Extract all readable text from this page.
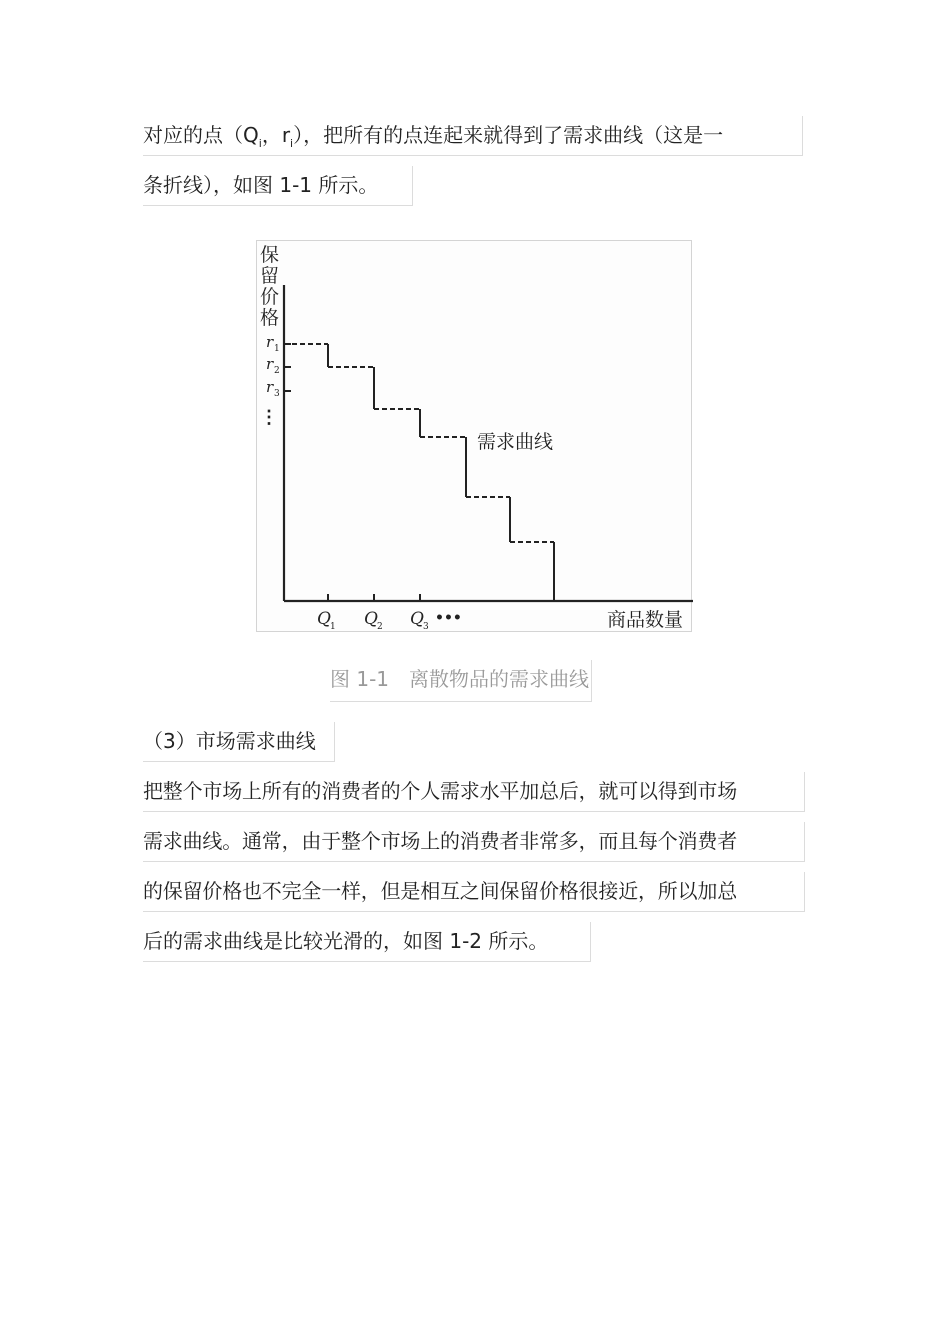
对应的点（$Q_i$，$r_i$），把所有的点连起来就得到了需求曲线（这是一
条折线），如图 1-1 所示。
保
留
价
格
r 1
r 2
r 3
⋮
需求曲线
Q 1 Q 2 Q 3
•••	商品数量
图 1-1　离散物品的需求曲线
（3）市场需求曲线
把整个市场上所有的消费者的个人需求水平加总后，就可以得到市场
需求曲线。通常，由于整个市场上的消费者非常多，而且每个消费者
的保留价格也不完全一样，但是相互之间保留价格很接近，所以加总
后的需求曲线是比较光滑的，如图 1-2 所示。
